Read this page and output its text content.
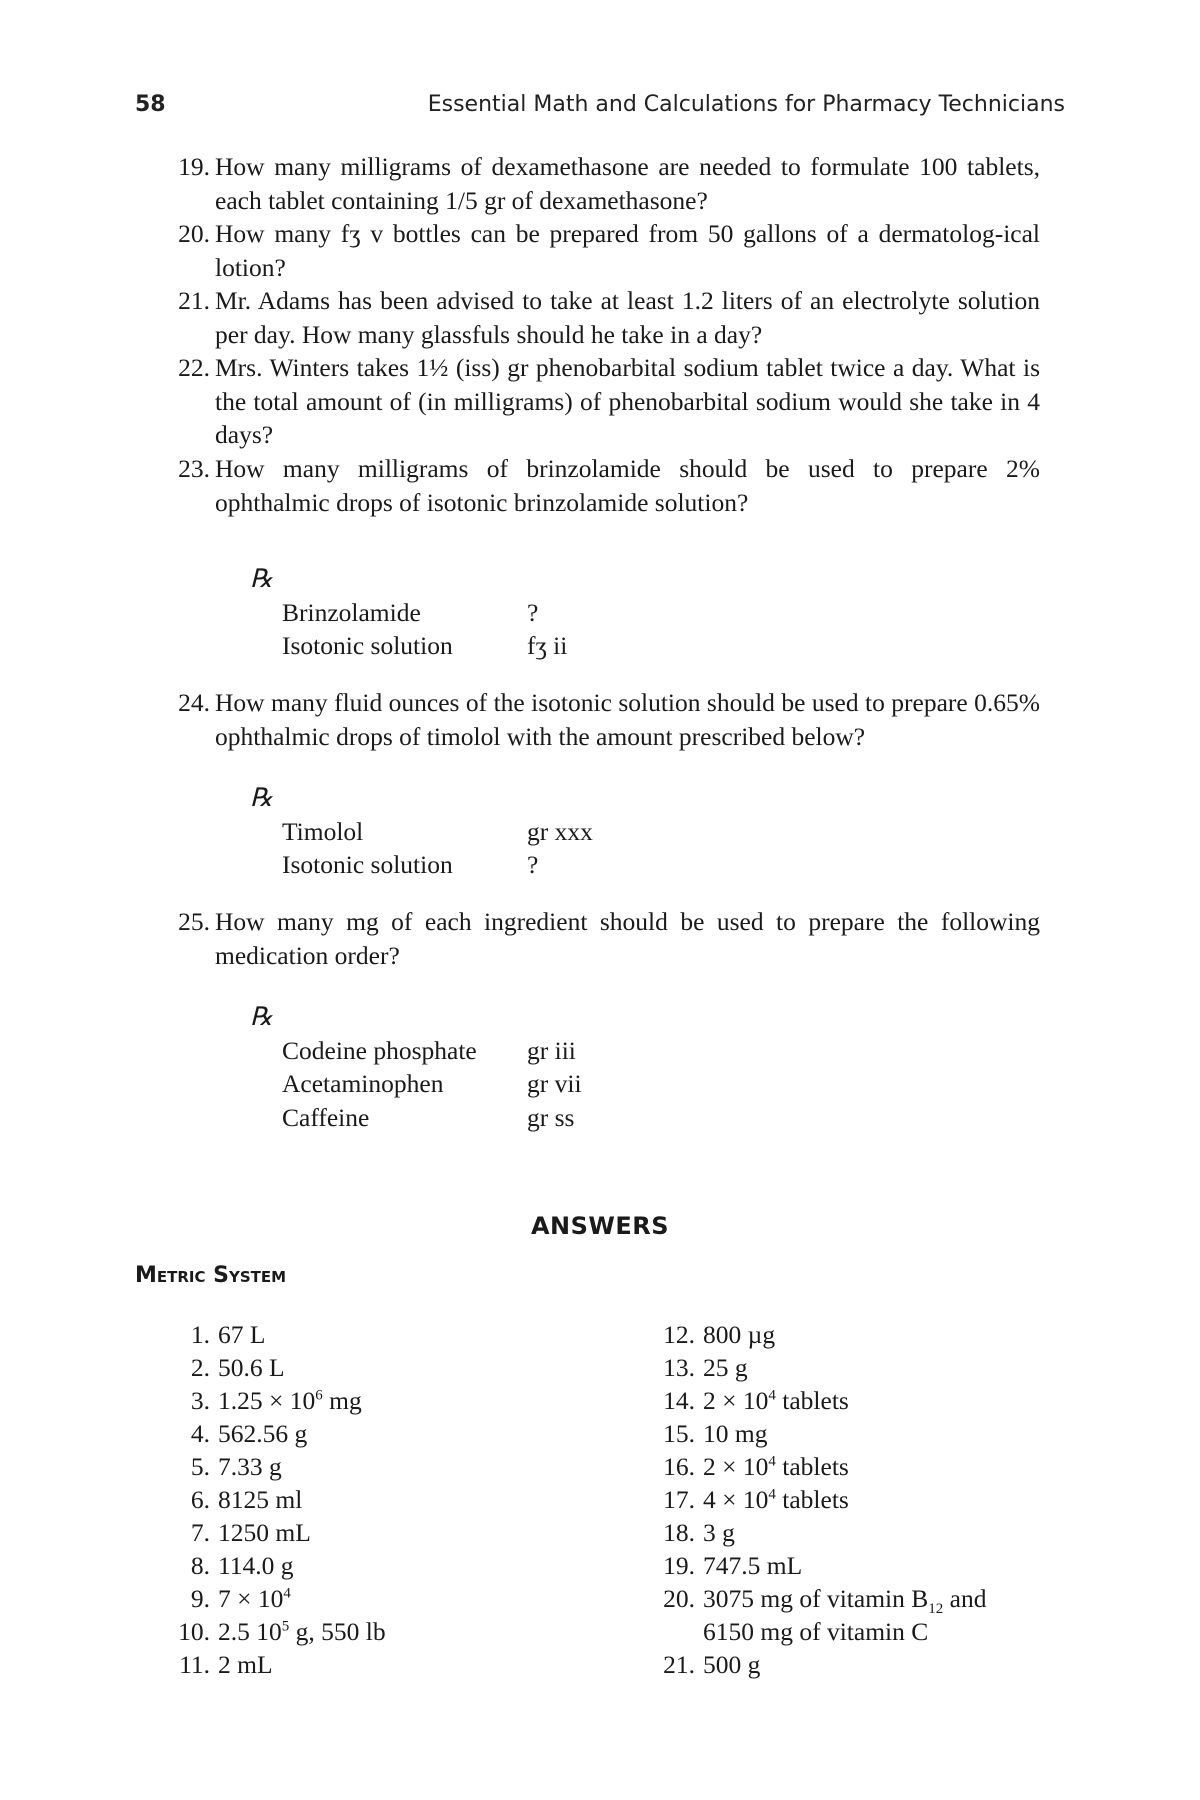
58	Essential Math and Calculations for Pharmacy Technicians
19. How many milligrams of dexamethasone are needed to formulate 100 tablets, each tablet containing 1/5 gr of dexamethasone?
20. How many fʒ v bottles can be prepared from 50 gallons of a dermatolog-ical lotion?
21. Mr. Adams has been advised to take at least 1.2 liters of an electrolyte solution per day. How many glassfuls should he take in a day?
22. Mrs. Winters takes 1½ (iss) gr phenobarbital sodium tablet twice a day. What is the total amount of (in milligrams) of phenobarbital sodium would she take in 4 days?
23. How many milligrams of brinzolamide should be used to prepare 2% ophthalmic drops of isotonic brinzolamide solution?
℞
Brinzolamide	?
Isotonic solution	fʒ ii
24. How many fluid ounces of the isotonic solution should be used to prepare 0.65% ophthalmic drops of timolol with the amount prescribed below?
℞
Timolol	gr xxx
Isotonic solution	?
25. How many mg of each ingredient should be used to prepare the following medication order?
℞
Codeine phosphate	gr iii
Acetaminophen	gr vii
Caffeine	gr ss
ANSWERS
Metric System
1. 67 L
2. 50.6 L
3. $1.25 \times 10^6$ mg
4. 562.56 g
5. 7.33 g
6. 8125 ml
7. 1250 mL
8. 114.0 g
9. $7 \times 10^4$
10. 2.5 $10^5$ g, 550 lb
11. 2 mL
12. 800 µg
13. 25 g
14. $2 \times 10^4$ tablets
15. 10 mg
16. $2 \times 10^4$ tablets
17. $4 \times 10^4$ tablets
18. 3 g
19. 747.5 mL
20. 3075 mg of vitamin $B_{12}$ and
6150 mg of vitamin C
21. 500 g
